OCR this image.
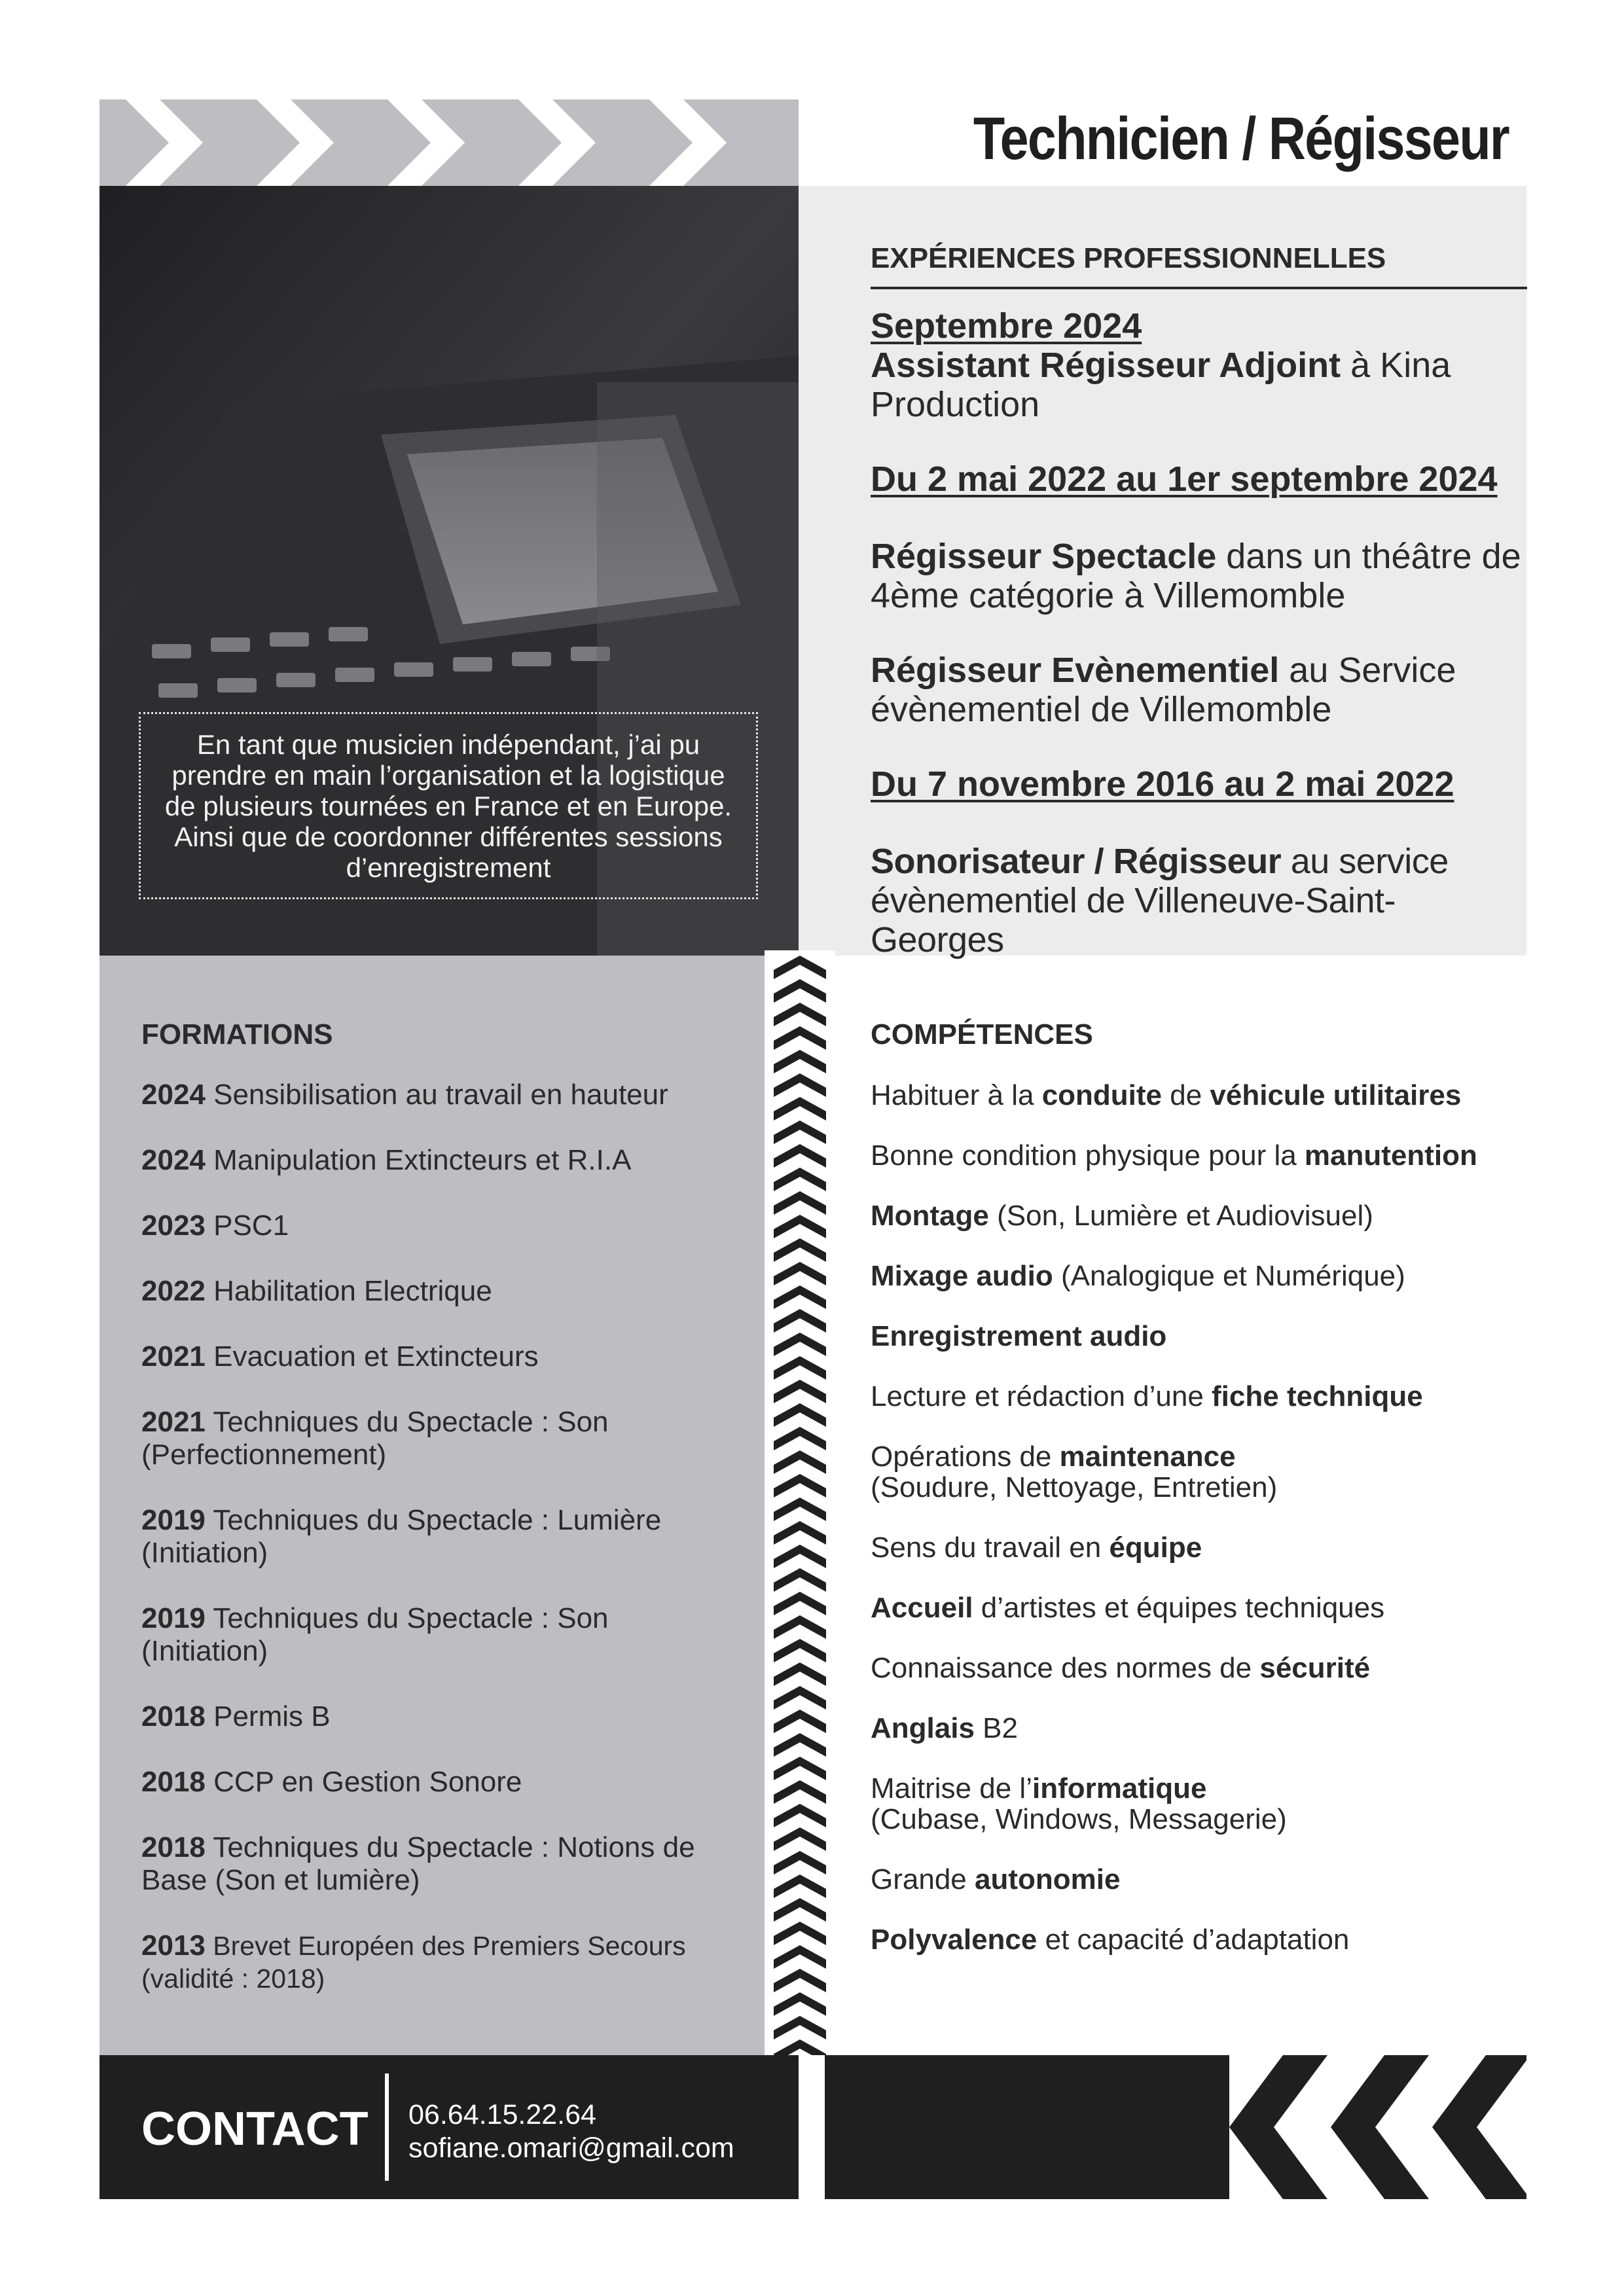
En tant que musicien indépendant, j’ai pu prendre en main l’organisation et la logistique de plusieurs tournées en France et en Europe. Ainsi que de coordonner différentes sessions d’enregistrement
Technicien / Régisseur
EXPÉRIENCES PROFESSIONNELLES
Septembre 2024
Assistant Régisseur Adjoint à Kina Production
Du 2 mai 2022 au 1er septembre 2024
Régisseur Spectacle dans un théâtre de 4ème catégorie à Villemomble
Régisseur Evènementiel au Service évènementiel de Villemomble
Du 7 novembre 2016 au 2 mai 2022
Sonorisateur / Régisseur au service évènementiel de Villeneuve-Saint-Georges
FORMATIONS
2024 Sensibilisation au travail en hauteur
2024 Manipulation Extincteurs et R.I.A
2023 PSC1
2022 Habilitation Electrique
2021 Evacuation et Extincteurs
2021 Techniques du Spectacle : Son (Perfectionnement)
2019 Techniques du Spectacle : Lumière (Initiation)
2019 Techniques du Spectacle : Son (Initiation)
2018 Permis B
2018 CCP en Gestion Sonore
2018 Techniques du Spectacle : Notions de Base (Son et lumière)
2013 Brevet Européen des Premiers Secours (validité : 2018)
COMPÉTENCES
Habituer à la conduite de véhicule utilitaires
Bonne condition physique pour la manutention
Montage (Son, Lumière et Audiovisuel)
Mixage audio (Analogique et Numérique)
Enregistrement audio
Lecture et rédaction d’une fiche technique
Opérations de maintenance
(Soudure, Nettoyage, Entretien)
Sens du travail en équipe
Accueil d’artistes et équipes techniques
Connaissance des normes de sécurité
Anglais B2
Maitrise de l’informatique
(Cubase, Windows, Messagerie)
Grande autonomie
Polyvalence et capacité d’adaptation
CONTACT 06.64.15.22.64
sofiane.omari@gmail.com
